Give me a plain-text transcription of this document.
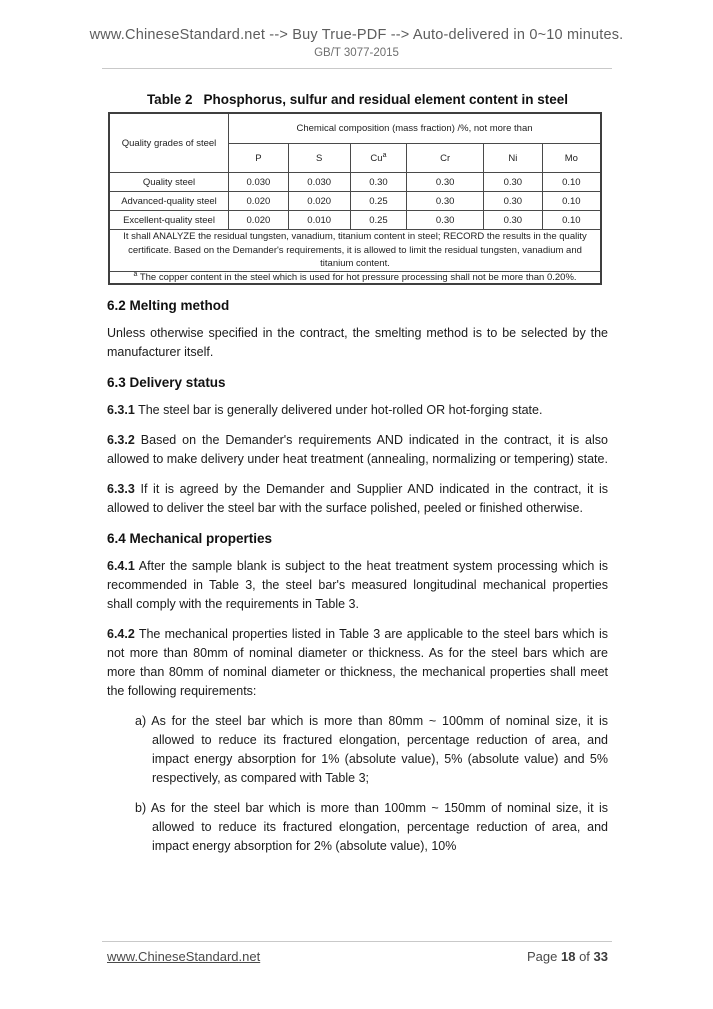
www.ChineseStandard.net --> Buy True-PDF --> Auto-delivered in 0~10 minutes.
GB/T 3077-2015
Table 2 Phosphorus, sulfur and residual element content in steel
Quality grades of steel	Chemical composition (mass fraction) /%, not more than					
	P	S	Cu$^a$	Cr	Ni	Mo
Quality steel	0.030	0.030	0.30	0.30	0.30	0.10
Advanced-quality steel	0.020	0.020	0.25	0.30	0.30	0.10
Excellent-quality steel	0.020	0.010	0.25	0.30	0.30	0.10
It shall ANALYZE the residual tungsten, vanadium, titanium content in steel; RECORD the results in the quality certificate. Based on the Demander's requirements, it is allowed to limit the residual tungsten, vanadium and titanium content.						
$^a$ The copper content in the steel which is used for hot pressure processing shall not be more than 0.20%.						
6.2 Melting method

Unless otherwise specified in the contract, the smelting method is to be selected by the manufacturer itself.

6.3 Delivery status

6.3.1 The steel bar is generally delivered under hot-rolled OR hot-forging state.

6.3.2 Based on the Demander's requirements AND indicated in the contract, it is also allowed to make delivery under heat treatment (annealing, normalizing or tempering) state.

6.3.3 If it is agreed by the Demander and Supplier AND indicated in the contract, it is allowed to deliver the steel bar with the surface polished, peeled or finished otherwise.

6.4 Mechanical properties

6.4.1 After the sample blank is subject to the heat treatment system processing which is recommended in Table 3, the steel bar's measured longitudinal mechanical properties shall comply with the requirements in Table 3.

6.4.2 The mechanical properties listed in Table 3 are applicable to the steel bars which is not more than 80mm of nominal diameter or thickness. As for the steel bars which are more than 80mm of nominal diameter or thickness, the mechanical properties shall meet the following requirements:

a) As for the steel bar which is more than 80mm ~ 100mm of nominal size, it is allowed to reduce its fractured elongation, percentage reduction of area, and impact energy absorption for 1% (absolute value), 5% (absolute value) and 5% respectively, as compared with Table 3;
b) As for the steel bar which is more than 100mm ~ 150mm of nominal size, it is allowed to reduce its fractured elongation, percentage reduction of area, and impact energy absorption for 2% (absolute value), 10%
www.ChineseStandard.net	Page 18 of 33
